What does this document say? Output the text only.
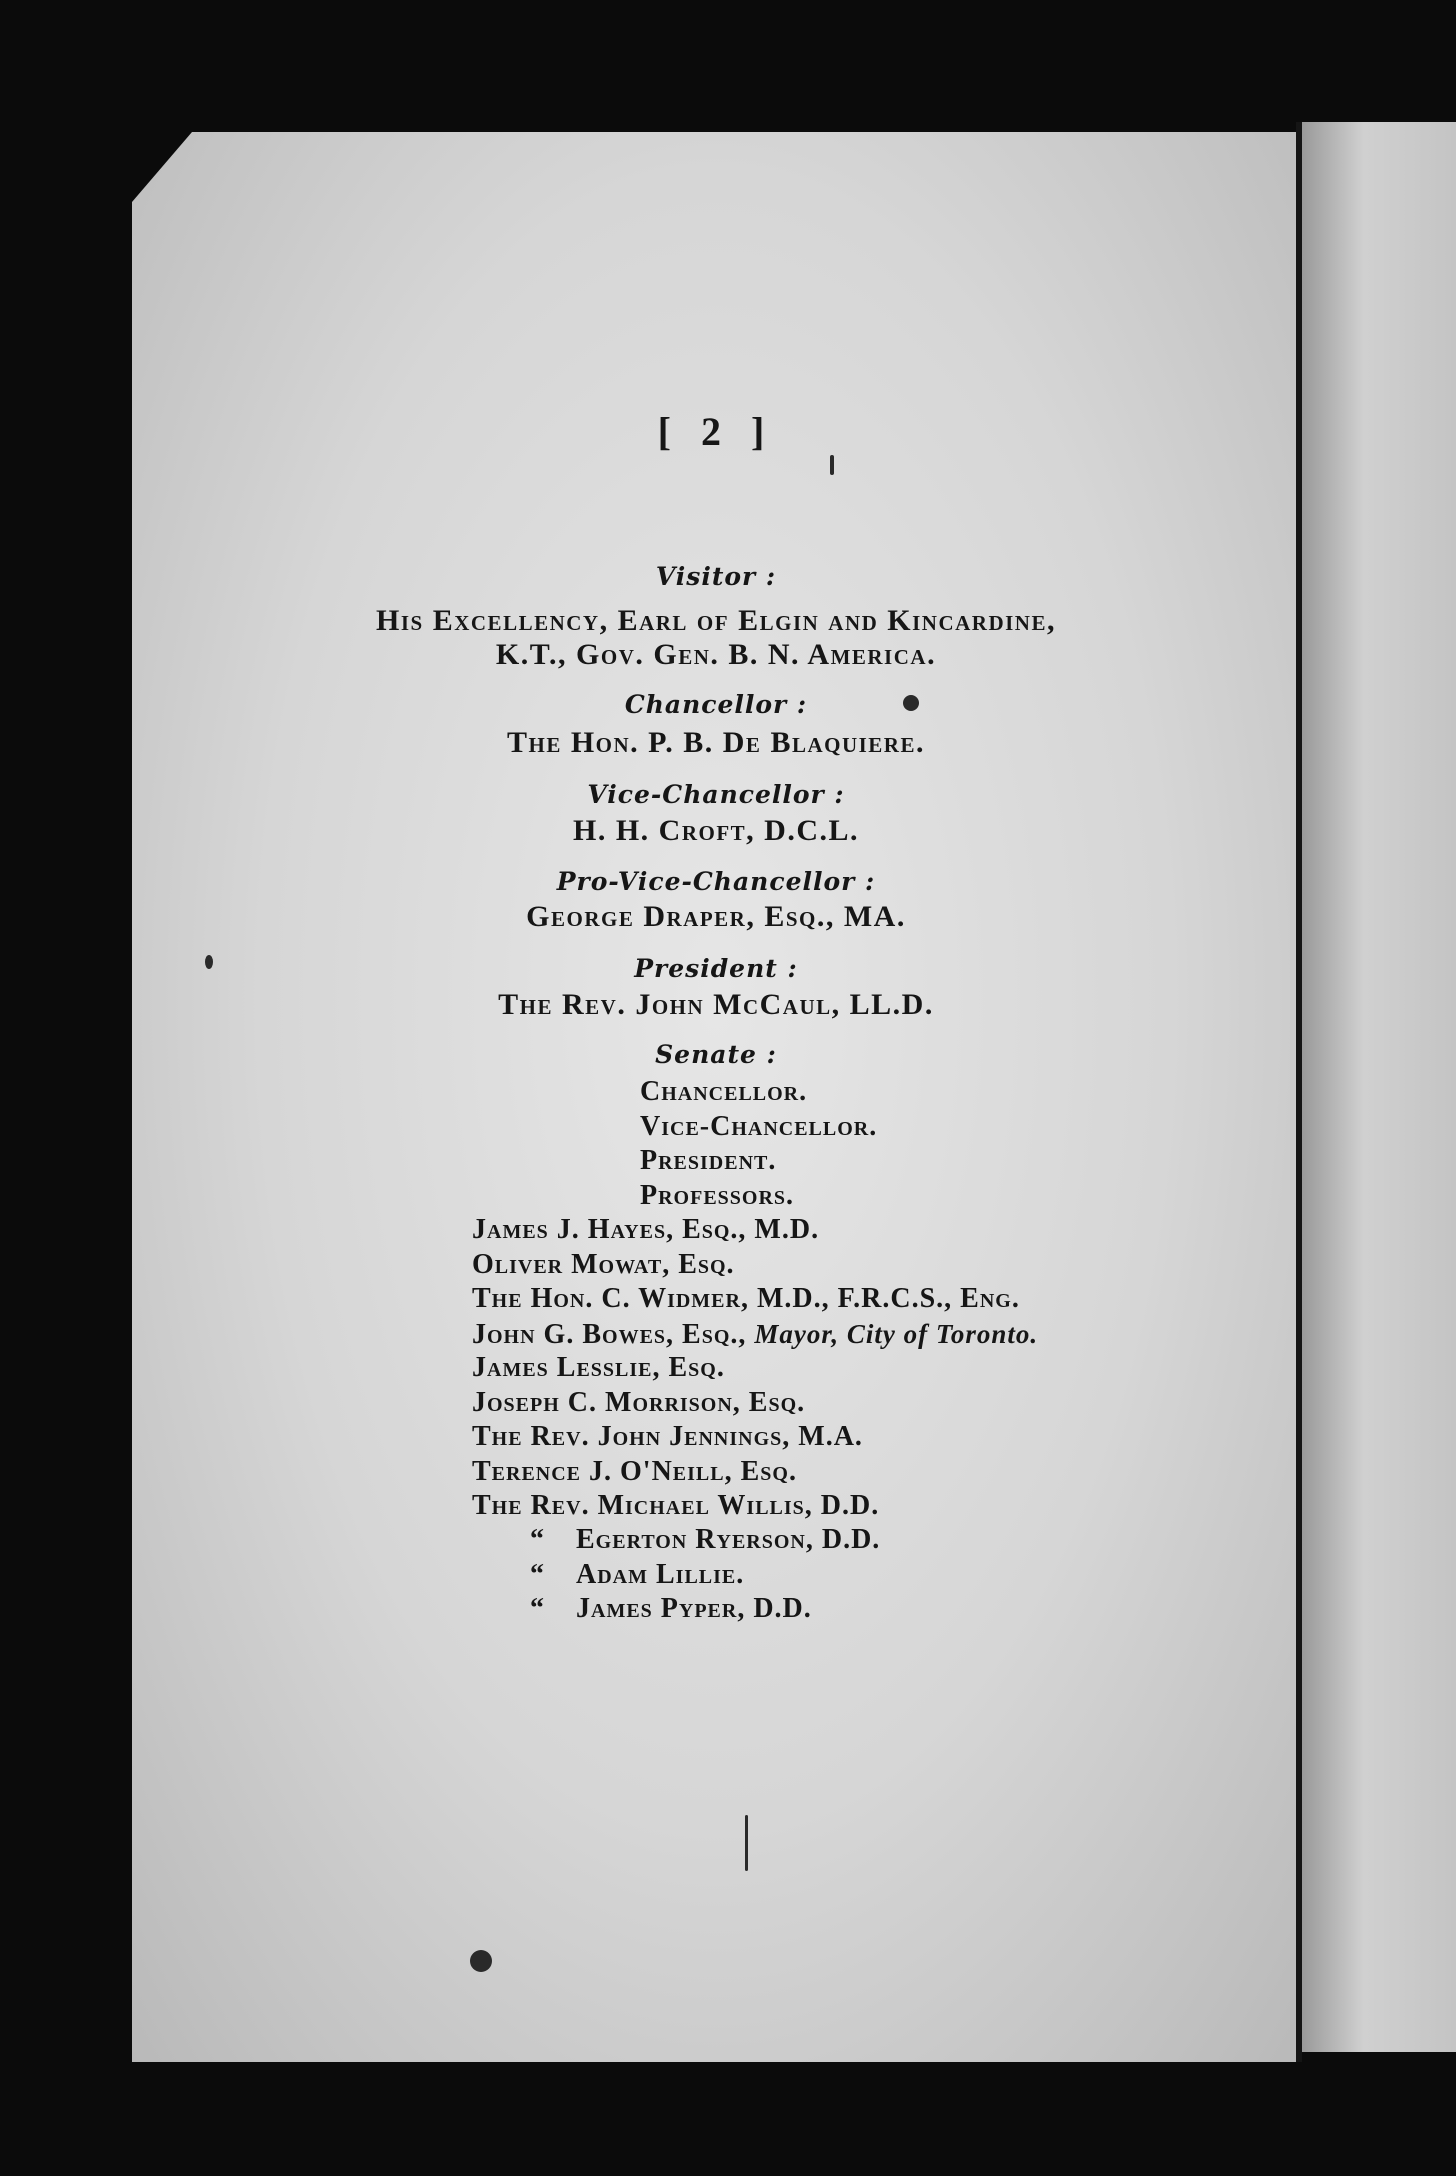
[ 2 ]
Visitor :
His Excellency, Earl of Elgin and Kincardine,
K.T., Gov. Gen. B. N. America.
Chancellor :
The Hon. P. B. De Blaquiere.
Vice-Chancellor :
H. H. Croft, D.C.L.
Pro-Vice-Chancellor :
George Draper, Esq., MA.
President :
The Rev. John McCaul, LL.D.
Senate :
Chancellor.
Vice-Chancellor.
President.
Professors.
James J. Hayes, Esq., M.D.
Oliver Mowat, Esq.
The Hon. C. Widmer, M.D., F.R.C.S., Eng.
John G. Bowes, Esq., Mayor, City of Toronto.
James Lesslie, Esq.
Joseph C. Morrison, Esq.
The Rev. John Jennings, M.A.
Terence J. O'Neill, Esq.
The Rev. Michael Willis, D.D.
“ Egerton Ryerson, D.D.
“ Adam Lillie.
“ James Pyper, D.D.
